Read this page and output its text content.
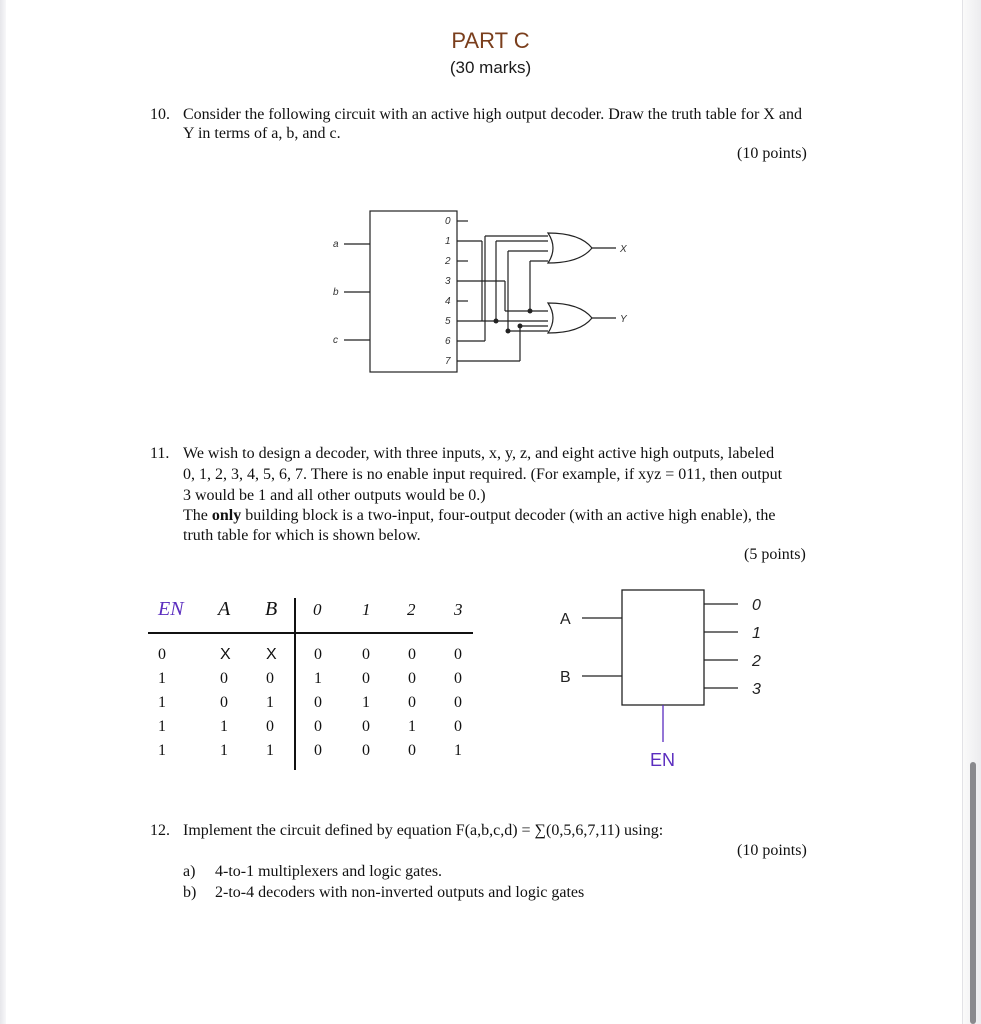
PART C
(30 marks)
10. Consider the following circuit with an active high output decoder. Draw the truth table for X and
Y in terms of a, b, and c.
(10 points)
a
b
c
0
1
2
3
4
5
6
7
X
Y
11. We wish to design a decoder, with three inputs, x, y, z, and eight active high outputs, labeled
0, 1, 2, 3, 4, 5, 6, 7. There is no enable input required. (For example, if xyz = 011, then output
3 would be 1 and all other outputs would be 0.)
The only building block is a two-input, four-output decoder (with an active high enable), the
truth table for which is shown below.
(5 points)
EN A B 0 1 2 3
0	X X 0	0 0 0
1	0 0	1	0 0 0
1	0 1	0	1 0 0
1	1 0	0	0 1 0
1	1 1	0	0 0 1
A
B
0
1
2
3
EN
12. Implement the circuit defined by equation F(a,b,c,d) = ∑(0,5,6,7,11) using:
(10 points)
a) 4-to-1 multiplexers and logic gates.
b) 2-to-4 decoders with non-inverted outputs and logic gates
